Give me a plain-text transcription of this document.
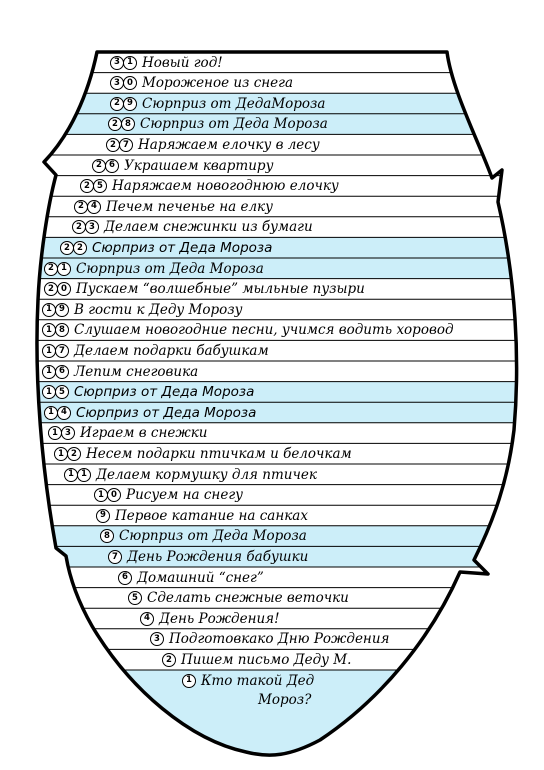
3 1 Новый год!
3 0 Мороженое из снега
2 9 Сюрприз от ДедаМороза
2 8 Сюрприз от Деда Мороза
2 7 Наряжаем елочку в лесу
2 6 Украшаем квартиру
2 5 Наряжаем новогоднюю елочку
2 4 Печем печенье на елку
2 3 Делаем снежинки из бумаги
2 2 Сюрприз от Деда Мороза
2 1 Сюрприз от Деда Мороза
2 0 Пускаем “волшебные” мыльные пузыри
1 9 В гости к Деду Морозу
1 8 Слушаем новогодние песни, учимся водить хоровод
1 7 Делаем подарки бабушкам
1 6 Лепим снеговика
1 5 Сюрприз от Деда Мороза
1 4 Сюрприз от Деда Мороза
1 3 Играем в снежки
1 2 Несем подарки птичкам и белочкам
1 1 Делаем кормушку для птичек
1 0 Рисуем на снегу
9 Первое катание на санках
8 Сюрприз от Деда Мороза
7 День Рождения бабушки
6 Домашний “снег”
5 Сделать снежные веточки
4 День Рождения!
3 Подготовкако Дню Рождения
2 Пишем письмо Деду М.
1 Кто такой Дед
Мороз?
